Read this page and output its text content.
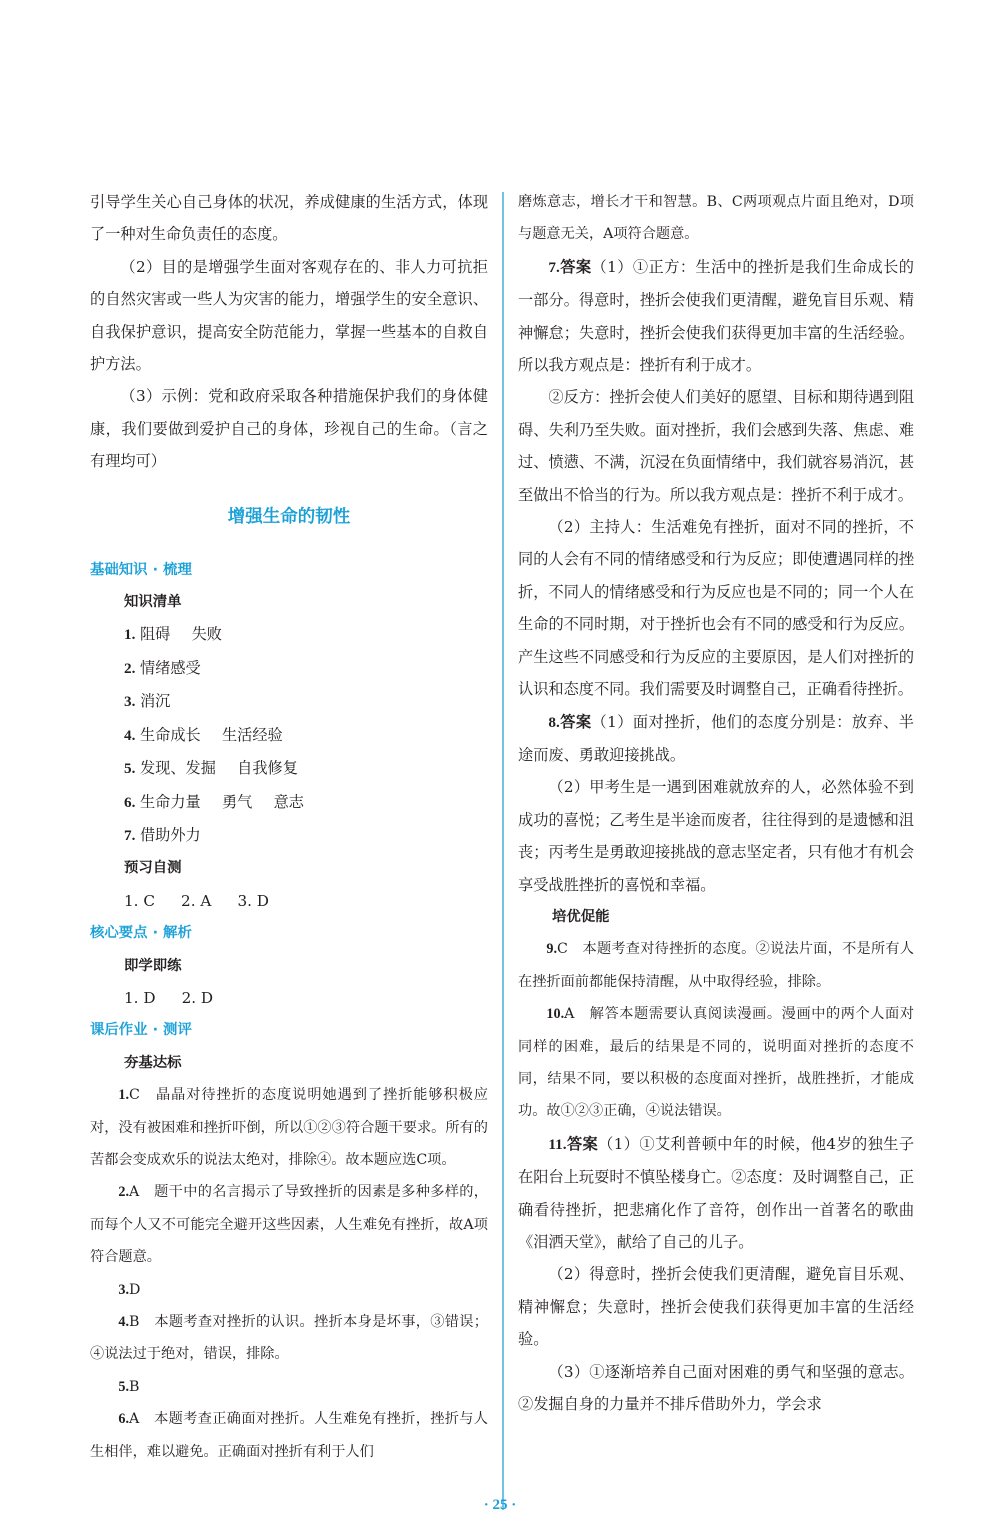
引导学生关心自己身体的状况，养成健康的生活方式，体现了一种对生命负责任的态度。

（2）目的是增强学生面对客观存在的、非人力可抗拒的自然灾害或一些人为灾害的能力，增强学生的安全意识、自我保护意识，提高安全防范能力，掌握一些基本的自救自护方法。

（3）示例：党和政府采取各种措施保护我们的身体健康，我们要做到爱护自己的身体，珍视自己的生命。（言之有理均可）

增强生命的韧性
基础知识 · 梳理
知识清单
1. 阻碍 失败
2. 情绪感受
3. 消沉
4. 生命成长 生活经验
5. 发现、发掘 自我修复
6. 生命力量 勇气 意志
7. 借助外力
预习自测
1. C 2. A 3. D
核心要点 · 解析
即学即练
1. D 2. D
课后作业 · 测评
夯基达标

1.C　晶晶对待挫折的态度说明她遇到了挫折能够积极应对，没有被困难和挫折吓倒，所以①②③符合题干要求。所有的苦都会变成欢乐的说法太绝对，排除④。故本题应选C项。

2.A　题干中的名言揭示了导致挫折的因素是多种多样的，而每个人又不可能完全避开这些因素，人生难免有挫折，故A项符合题意。

3.D

4.B　本题考查对挫折的认识。挫折本身是坏事，③错误；④说法过于绝对，错误，排除。

5.B

6.A　本题考查正确面对挫折。人生难免有挫折，挫折与人生相伴，难以避免。正确面对挫折有利于人们

磨炼意志，增长才干和智慧。B、C两项观点片面且绝对，D项与题意无关，A项符合题意。

7.答案（1）①正方：生活中的挫折是我们生命成长的一部分。得意时，挫折会使我们更清醒，避免盲目乐观、精神懈怠；失意时，挫折会使我们获得更加丰富的生活经验。所以我方观点是：挫折有利于成才。

②反方：挫折会使人们美好的愿望、目标和期待遇到阻碍、失利乃至失败。面对挫折，我们会感到失落、焦虑、难过、愤懑、不满，沉浸在负面情绪中，我们就容易消沉，甚至做出不恰当的行为。所以我方观点是：挫折不利于成才。

（2）主持人：生活难免有挫折，面对不同的挫折，不同的人会有不同的情绪感受和行为反应；即使遭遇同样的挫折，不同人的情绪感受和行为反应也是不同的；同一个人在生命的不同时期，对于挫折也会有不同的感受和行为反应。产生这些不同感受和行为反应的主要原因，是人们对挫折的认识和态度不同。我们需要及时调整自己，正确看待挫折。

8.答案（1）面对挫折，他们的态度分别是：放弃、半途而废、勇敢迎接挑战。

（2）甲考生是一遇到困难就放弃的人，必然体验不到成功的喜悦；乙考生是半途而废者，往往得到的是遗憾和沮丧；丙考生是勇敢迎接挑战的意志坚定者，只有他才有机会享受战胜挫折的喜悦和幸福。

培优促能

9.C　本题考查对待挫折的态度。②说法片面，不是所有人在挫折面前都能保持清醒，从中取得经验，排除。

10.A　解答本题需要认真阅读漫画。漫画中的两个人面对同样的困难，最后的结果是不同的，说明面对挫折的态度不同，结果不同，要以积极的态度面对挫折，战胜挫折，才能成功。故①②③正确，④说法错误。

11.答案（1）①艾利普顿中年的时候，他4岁的独生子在阳台上玩耍时不慎坠楼身亡。②态度：及时调整自己，正确看待挫折，把悲痛化作了音符，创作出一首著名的歌曲《泪洒天堂》，献给了自己的儿子。

（2）得意时，挫折会使我们更清醒，避免盲目乐观、精神懈怠；失意时，挫折会使我们获得更加丰富的生活经验。

（3）①逐渐培养自己面对困难的勇气和坚强的意志。②发掘自身的力量并不排斥借助外力，学会求

· 25 ·
